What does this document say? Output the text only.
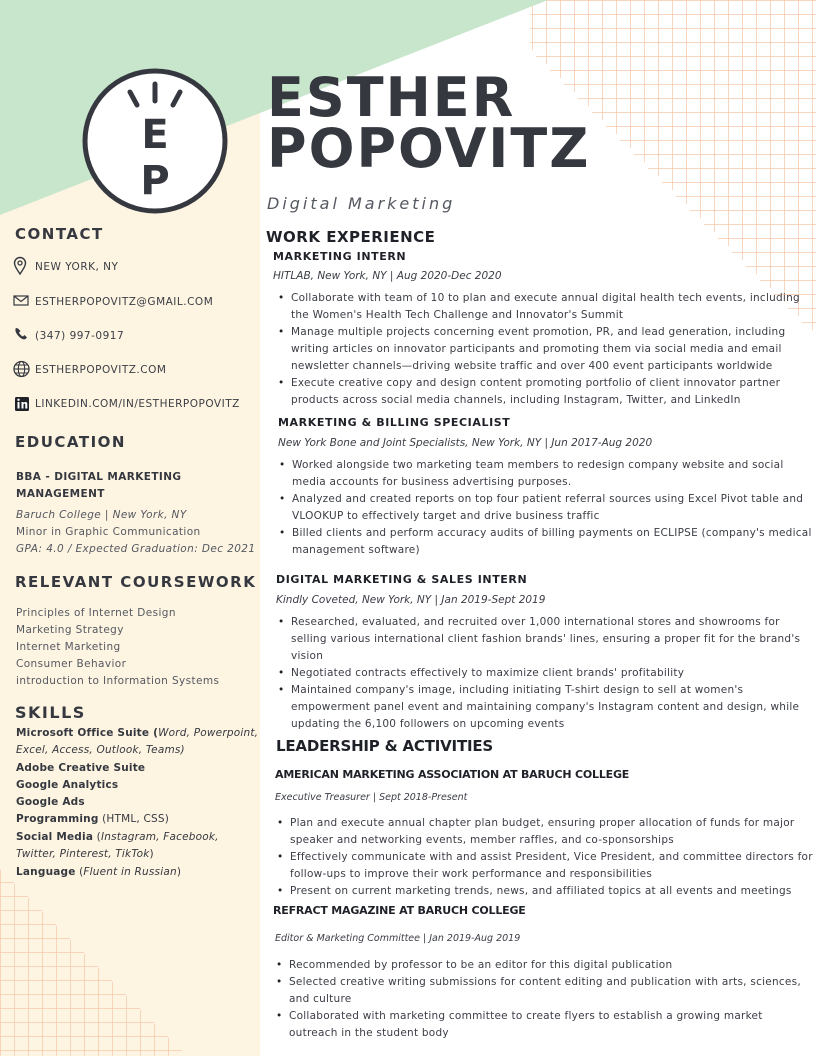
E
P
ESTHER
POPOVITZ
Digital Marketing
CONTACT
NEW YORK, NY
ESTHERPOPOVITZ@GMAIL.COM
(347) 997-0917
ESTHERPOPOVITZ.COM
LINKEDIN.COM/IN/ESTHERPOPOVITZ
EDUCATION
BBA - DIGITAL MARKETING
MANAGEMENT
Baruch College | New York, NY
Minor in Graphic Communication
GPA: 4.0 / Expected Graduation: Dec 2021
RELEVANT COURSEWORK
Principles of Internet Design
Marketing Strategy
Internet Marketing
Consumer Behavior
introduction to Information Systems
SKILLS
Microsoft Office Suite (Word, Powerpoint, Excel, Access, Outlook, Teams)
Adobe Creative Suite
Google Analytics
Google Ads
Programming (HTML, CSS)
Social Media (Instagram, Facebook, Twitter, Pinterest, TikTok)
Language (Fluent in Russian)
WORK EXPERIENCE
MARKETING INTERN
HITLAB, New York, NY | Aug 2020-Dec 2020
• Collaborate with team of 10 to plan and execute annual digital health tech events, including the Women's Health Tech Challenge and Innovator's Summit
• Manage multiple projects concerning event promotion, PR, and lead generation, including writing articles on innovator participants and promoting them via social media and email newsletter channels—driving website traffic and over 400 event participants worldwide
• Execute creative copy and design content promoting portfolio of client innovator partner products across social media channels, including Instagram, Twitter, and LinkedIn
MARKETING & BILLING SPECIALIST
New York Bone and Joint Specialists, New York, NY | Jun 2017-Aug 2020
• Worked alongside two marketing team members to redesign company website and social media accounts for business advertising purposes.
• Analyzed and created reports on top four patient referral sources using Excel Pivot table and VLOOKUP to effectively target and drive business traffic
• Billed clients and perform accuracy audits of billing payments on ECLIPSE (company's medical management software)
DIGITAL MARKETING & SALES INTERN
Kindly Coveted, New York, NY | Jan 2019-Sept 2019
• Researched, evaluated, and recruited over 1,000 international stores and showrooms for selling various international client fashion brands' lines, ensuring a proper fit for the brand's vision
• Negotiated contracts effectively to maximize client brands' profitability
• Maintained company's image, including initiating T-shirt design to sell at women's empowerment panel event and maintaining company's Instagram content and design, while updating the 6,100 followers on upcoming events
LEADERSHIP & ACTIVITIES
AMERICAN MARKETING ASSOCIATION AT BARUCH COLLEGE
Executive Treasurer | Sept 2018-Present
• Plan and execute annual chapter plan budget, ensuring proper allocation of funds for major speaker and networking events, member raffles, and co-sponsorships
• Effectively communicate with and assist President, Vice President, and committee directors for follow-ups to improve their work performance and responsibilities
• Present on current marketing trends, news, and affiliated topics at all events and meetings
REFRACT MAGAZINE AT BARUCH COLLEGE
Editor & Marketing Committee | Jan 2019-Aug 2019
• Recommended by professor to be an editor for this digital publication
• Selected creative writing submissions for content editing and publication with arts, sciences, and culture
• Collaborated with marketing committee to create flyers to establish a growing market outreach in the student body
